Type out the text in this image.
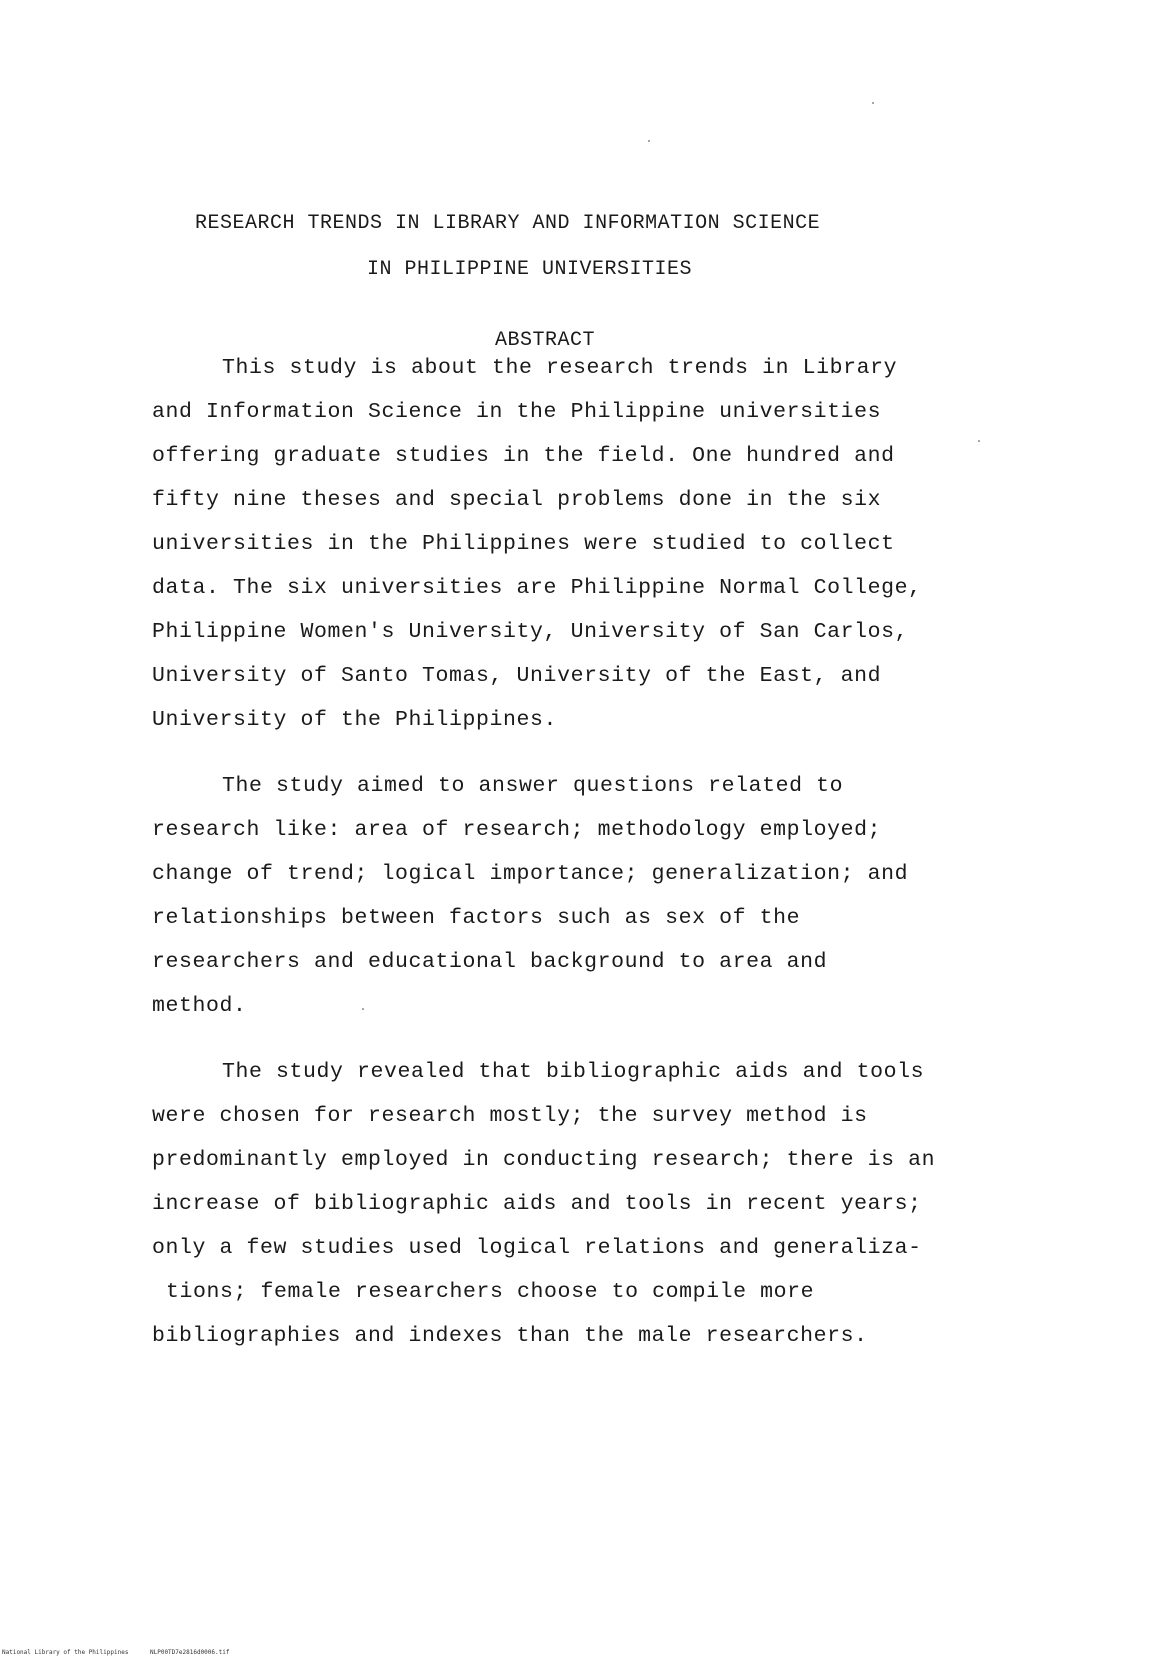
RESEARCH TRENDS IN LIBRARY AND INFORMATION SCIENCE
IN PHILIPPINE UNIVERSITIES
ABSTRACT
This study is about the research trends in Library
and Information Science in the Philippine universities
offering graduate studies in the field. One hundred and
fifty nine theses and special problems done in the six
universities in the Philippines were studied to collect
data. The six universities are Philippine Normal College,
Philippine Women's University, University of San Carlos,
University of Santo Tomas, University of the East, and
University of the Philippines.
The study aimed to answer questions related to
research like: area of research; methodology employed;
change of trend; logical importance; generalization; and
relationships between factors such as sex of the
researchers and educational background to area and
method.
The study revealed that bibliographic aids and tools
were chosen for research mostly; the survey method is
predominantly employed in conducting research; there is an
increase of bibliographic aids and tools in recent years;
only a few studies used logical relations and generaliza-
tions; female researchers choose to compile more
bibliographies and indexes than the male researchers.
National Library of the Philippines	NLP00TD7e2816d0006.tif
